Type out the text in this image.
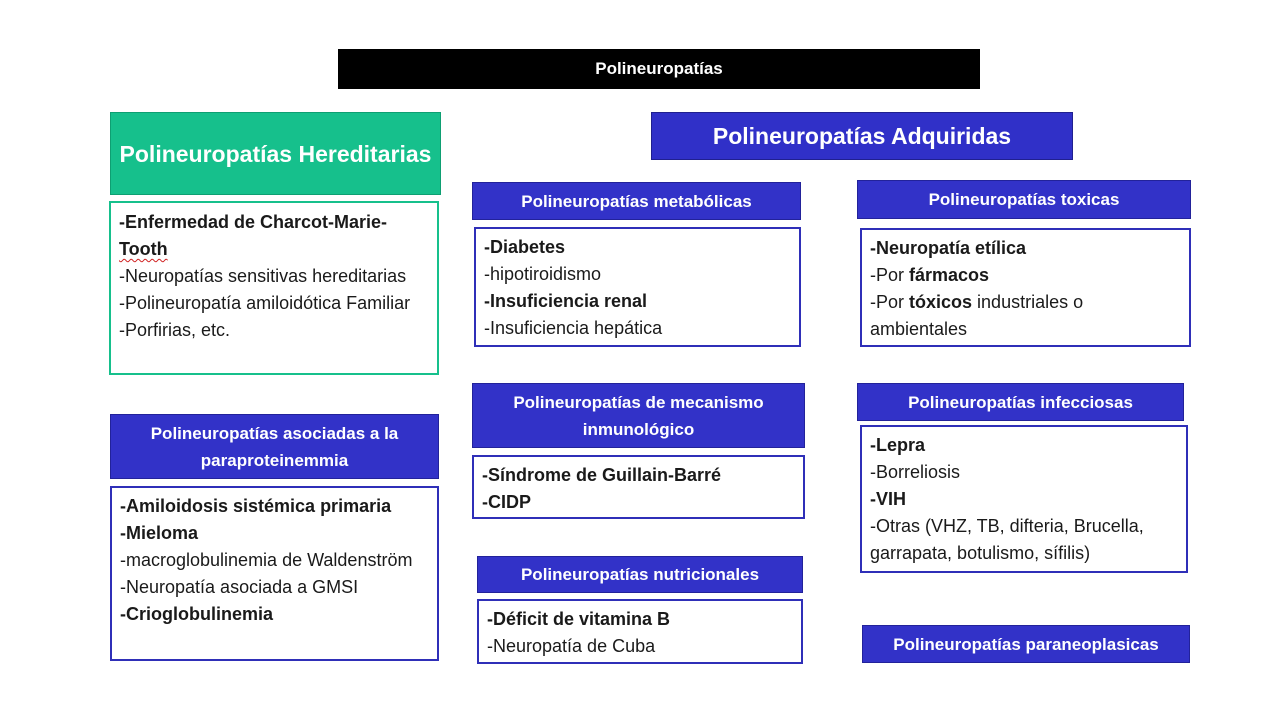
Polineuropatías
Polineuropatías Hereditarias
-Enfermedad de Charcot-Marie-
Tooth
-Neuropatías sensitivas hereditarias
-Polineuropatía amiloidótica Familiar
-Porfirias, etc.
Polineuropatías Adquiridas
Polineuropatías asociadas a la paraproteinemmia
-Amiloidosis sistémica primaria
-Mieloma
-macroglobulinemia de Waldenström
-Neuropatía asociada a GMSI
-Crioglobulinemia
Polineuropatías metabólicas
-Diabetes
-hipotiroidismo
-Insuficiencia renal
-Insuficiencia hepática
Polineuropatías de mecanismo inmunológico
-Síndrome de Guillain-Barré
-CIDP
Polineuropatías nutricionales
-Déficit de vitamina B
-Neuropatía de Cuba
Polineuropatías toxicas
-Neuropatía etílica
-Por fármacos
-Por tóxicos industriales o ambientales
Polineuropatías infecciosas
-Lepra
-Borreliosis
-VIH
-Otras (VHZ, TB, difteria, Brucella, garrapata, botulismo, sífilis)
Polineuropatías paraneoplasicas
